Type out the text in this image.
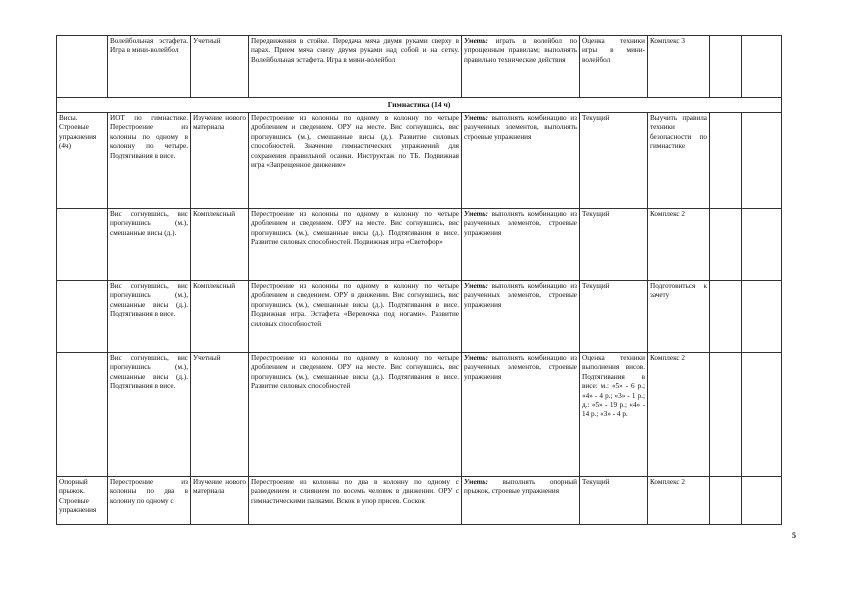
	Волейбольная эстафета. Игра в мини-волейбол	Учетный	Передвижения в стойке. Передача мяча двумя руками сверху в парах. Прием мяча снизу двумя руками над собой и на сетку. Волейбольная эстафета. Игра в мини-волейбол	Уметь: играть в волейбол по упрощенным правилам; выполнять правильно технические действия	Оценка техники игры в мини-волейбол	Комплекс 3		
Гимнастика (14 ч)								
Висы. Строевые упражнения (4ч)	ИОТ по гимнастике. Перестроение из колонны по одному в колонну по четыре. Подтягивания в висе.	Изучение нового материала	Перестроение из колонны по одному в колонну по четыре дроблением и сведением. ОРУ на месте. Вис согнувшись, вис прогнувшись (м.), смешанные висы (д.). Развитие силовых способностей. Значение гимнастических упражнений для сохранения правильной осанки. Инструктаж по ТБ. Подвижная игра «Запрещенное движение»	Уметь: выполнять комбинацию из разученных элементов, выполнять строевые упражнения	Текущий	Выучить правила техники безопасности по гимнастике		
	Вис согнувшись, вис прогнувшись (м.), смешанные висы (д.).	Комплексный	Перестроение из колонны по одному в колонну по четыре дроблением и сведением. ОРУ на месте. Вис согнувшись, вис прогнувшись (м.), смешанные висы (д.). Подтягивания в висе. Развитие силовых способностей. Подвижная игра «Светофор»	Уметь: выполнять комбинацию из разученных элементов, строевые упражнения	Текущий	Комплекс 2		
	Вис согнувшись, вис прогнувшись (м.), смешанные висы (д.). Подтягивания в висе.	Комплексный	Перестроение из колонны по одному в колонну по четыре дроблением и сведением. ОРУ в движении. Вис согнувшись, вис прогнувшись (м.), смешанные висы (д.). Подтягивания в висе. Подвижная игра. Эстафета «Веревочка под ногами». Развитие силовых способностей	Уметь: выполнять комбинацию из разученных элементов, строевые упражнения	Текущий	Подготовиться к зачету		
	Вис согнувшись, вис прогнувшись (м.), смешанные висы (д.). Подтягивания в висе.	Учетный	Перестроение из колонны по одному в колонну по четыре дроблением и сведением. ОРУ на месте. Вис согнувшись, вис прогнувшись (м.), смешанные висы (д.). Подтягивания в висе. Развитие силовых способностей	Уметь: выполнять комбинацию из разученных элементов, строевые упражнения	Оценка техники выполнения висов. Подтягивания в висе: м.: «5» - 6 р.; «4» - 4 р.; «3» - 1 р.; д.: «5» - 19 р.; «4» - 14 р.; «3» - 4 р.	Комплекс 2		
Опорный прыжок. Строевые упражнения	Перестроение из колонны по два в колонну по одному с	Изучение нового материала	Перестроение из колонны по два в колонну по одному с разведением и слиянием по восемь человек в движении. ОРУ с гимнастическими палками. Вскок в упор присев. Соскок	Уметь: выполнять опорный прыжок, строевые упражнения	Текущий	Комплекс 2		
5
